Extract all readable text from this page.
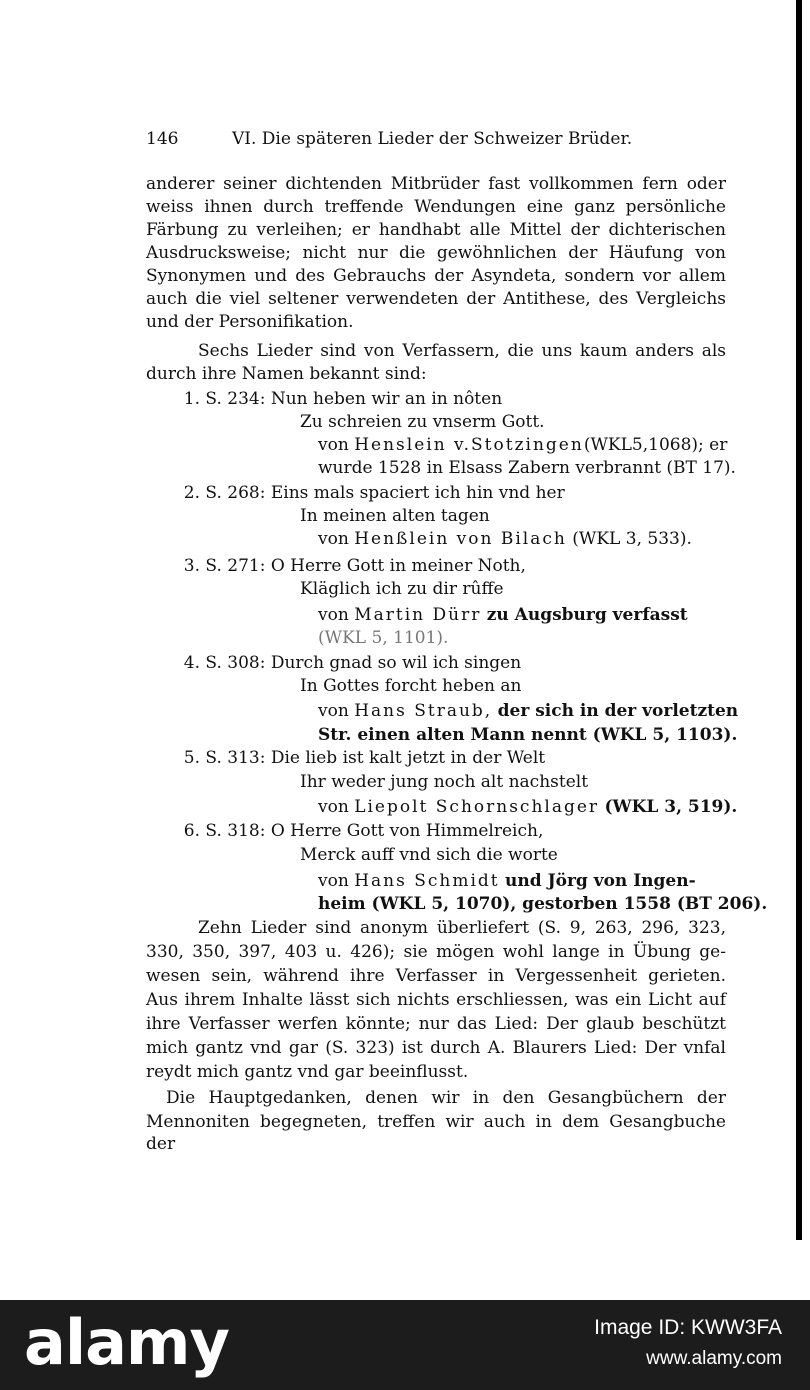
146	VI. Die späteren Lieder der Schweizer Brüder.
anderer seiner dichtenden Mitbrüder fast vollkommen fern oder
weiss ihnen durch treffende Wendungen eine ganz persönliche
Färbung zu verleihen; er handhabt alle Mittel der dichterischen
Ausdrucksweise; nicht nur die gewöhnlichen der Häufung von
Synonymen und des Gebrauchs der Asyndeta, sondern vor allem
auch die viel seltener verwendeten der Antithese, des Vergleichs
und der Personifikation.
Sechs Lieder sind von Verfassern, die uns kaum anders als
durch ihre Namen bekannt sind:
1. S. 234: Nun heben wir an in nôten
Zu schreien zu vnserm Gott.
von Henslein v.Stotzingen(WKL5,1068); er
wurde 1528 in Elsass Zabern verbrannt (BT 17).
2. S. 268: Eins mals spaciert ich hin vnd her
In meinen alten tagen
von Henßlein von Bilach (WKL 3, 533).
3. S. 271: O Herre Gott in meiner Noth,
Kläglich ich zu dir rûffe
von Martin Dürr zu Augsburg verfasst
(WKL 5, 1101).
4. S. 308: Durch gnad so wil ich singen
In Gottes forcht heben an
von Hans Straub, der sich in der vorletzten
Str. einen alten Mann nennt (WKL 5, 1103).
5. S. 313: Die lieb ist kalt jetzt in der Welt
Ihr weder jung noch alt nachstelt
von Liepolt Schornschlager (WKL 3, 519).
6. S. 318: O Herre Gott von Himmelreich,
Merck auff vnd sich die worte
von Hans Schmidt und Jörg von Ingen-
heim (WKL 5, 1070), gestorben 1558 (BT 206).
Zehn Lieder sind anonym überliefert (S. 9, 263, 296, 323,
330, 350, 397, 403 u. 426); sie mögen wohl lange in Übung ge-
wesen sein, während ihre Verfasser in Vergessenheit gerieten.
Aus ihrem Inhalte lässt sich nichts erschliessen, was ein Licht auf
ihre Verfasser werfen könnte; nur das Lied: Der glaub beschützt
mich gantz vnd gar (S. 323) ist durch A. Blaurers Lied: Der vnfal
reydt mich gantz vnd gar beeinflusst.
Die Hauptgedanken, denen wir in den Gesangbüchern der
Mennoniten begegneten, treffen wir auch in dem Gesangbuche der
alamy	Image ID: KWW3FA
www.alamy.com
